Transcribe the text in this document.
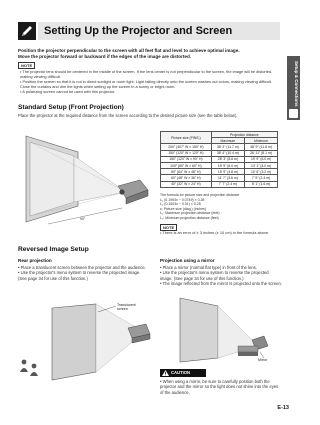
Setup & Connections
Setting Up the Projector and Screen
Position the projector perpendicular to the screen with all feet flat and level to achieve optimal image.
Move the projector forward or backward if the edges of the image are distorted.
NOTE
• The projector lens should be centered in the middle of the screen. If the lens center is not perpendicular to the screen, the image will be distorted, making viewing difficult.
• Position the screen so that it is not in direct sunlight or room light. Light falling directly onto the screen washes out colors, making viewing difficult. Close the curtains and dim the lights when setting up the screen in a sunny or bright room.
• A polarizing screen cannot be used with this projector.
Standard Setup (Front Projection)
Place the projector at the required distance from the screen according to the desired picture size (see the table below).
90°
Picture size (PINS.)	Projection distance	
	Maximum	Minimum
200" (407" W × 150" H)	38' 2" (11.7 m)	38' 9" (11.8 m)
150" (120" W × 120" H)	38' 4" (10.4 m)	26' 11" (8.1 m)
150" (120" W × 90" H)	28' 3" (8.6 m)	19' 9" (6.0 m)
100" (80" W × 60" H)	19' 9" (6.0 m)	13' 1" (4.0 m)
80" (64" W × 48" H)	15' 9" (4.8 m)	10' 6" (3.2 m)
60" (48" W × 36" H)	11' 7" (3.6 m)	7' 9" (2.4 m)
40" (32" W × 24" H)	7' 7" (2.4 m)	5' 1" (1.6 m)
The formula for picture size and projection distance
L₁ (0.1993x − 0.0749) × 0.28
L₂ (0.1503x − 0.01) × 0.28
x: Picture size (diag.) (inches)
L₁: Maximum projection distance (feet)
L₂: Minimum projection distance (feet)
NOTE
• There is an error of ± 3 inches (± 10 cm) in the formula above.
Reversed Image Setup
Rear projection
• Place a translucent screen between the projector and the audience.
• Use the projector's menu system to reverse the projected image. (See page 34 for use of this function.)
Projection using a mirror
• Place a mirror (normal flat type) in front of the lens.
• Use the projector's menu system to reverse the projected image. (See page 34 for use of this function.)
• The image reflected from the mirror is projected onto the screen.
Translucent screen
Mirror
CAUTION
• When using a mirror, be sure to carefully position both the projector and the mirror so the light does not shine into the eyes of the audience.
E-13
